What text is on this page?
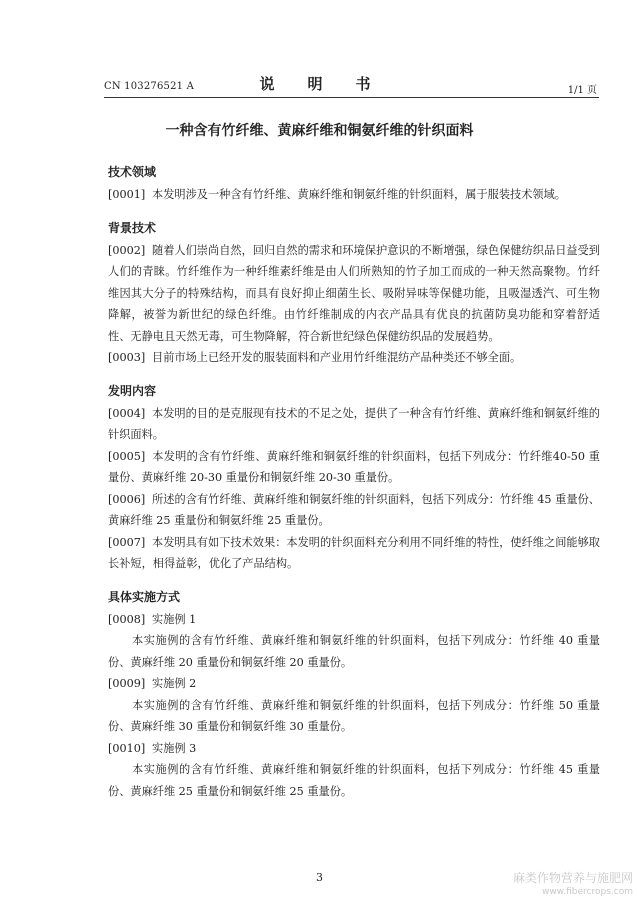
CN 103276521 A	说　明　书	1/1 页
一种含有竹纤维、黄麻纤维和铜氨纤维的针织面料
技术领域

[0001] 本发明涉及一种含有竹纤维、黄麻纤维和铜氨纤维的针织面料，属于服装技术领域。

背景技术

[0002] 随着人们崇尚自然，回归自然的需求和环境保护意识的不断增强，绿色保健纺织品日益受到人们的青睐。竹纤维作为一种纤维素纤维是由人们所熟知的竹子加工而成的一种天然高聚物。竹纤维因其大分子的特殊结构，而具有良好抑止细菌生长、吸附异味等保健功能，且吸湿透汽、可生物降解，被誉为新世纪的绿色纤维。由竹纤维制成的内衣产品具有优良的抗菌防臭功能和穿着舒适性、无静电且天然无毒，可生物降解，符合新世纪绿色保健纺织品的发展趋势。

[0003] 目前市场上已经开发的服装面料和产业用竹纤维混纺产品种类还不够全面。

发明内容

[0004] 本发明的目的是克服现有技术的不足之处，提供了一种含有竹纤维、黄麻纤维和铜氨纤维的针织面料。

[0005] 本发明的含有竹纤维、黄麻纤维和铜氨纤维的针织面料，包括下列成分：竹纤维40-50 重量份、黄麻纤维 20-30 重量份和铜氨纤维 20-30 重量份。

[0006] 所述的含有竹纤维、黄麻纤维和铜氨纤维的针织面料，包括下列成分：竹纤维 45 重量份、黄麻纤维 25 重量份和铜氨纤维 25 重量份。

[0007] 本发明具有如下技术效果：本发明的针织面料充分利用不同纤维的特性，使纤维之间能够取长补短，相得益彰，优化了产品结构。

具体实施方式

[0008] 实施例 1

本实施例的含有竹纤维、黄麻纤维和铜氨纤维的针织面料，包括下列成分：竹纤维 40 重量份、黄麻纤维 20 重量份和铜氨纤维 20 重量份。

[0009] 实施例 2

本实施例的含有竹纤维、黄麻纤维和铜氨纤维的针织面料，包括下列成分：竹纤维 50 重量份、黄麻纤维 30 重量份和铜氨纤维 30 重量份。

[0010] 实施例 3

本实施例的含有竹纤维、黄麻纤维和铜氨纤维的针织面料，包括下列成分：竹纤维 45 重量份、黄麻纤维 25 重量份和铜氨纤维 25 重量份。

3	麻类作物营养与施肥网
www.fibercrops.com
